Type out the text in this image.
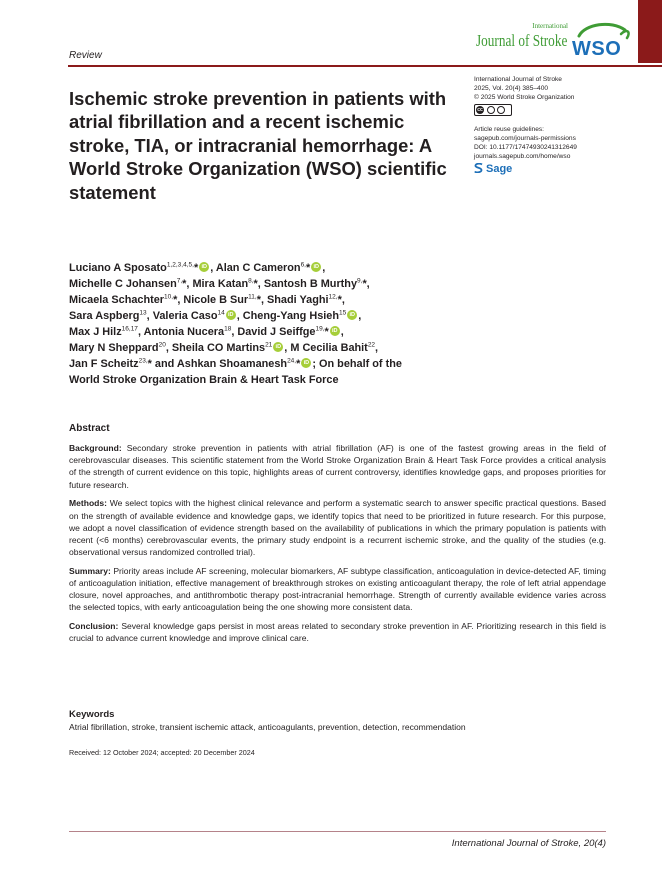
Review
International
Journal of Stroke WSO
Ischemic stroke prevention in patients with atrial fibrillation and a recent ischemic stroke, TIA, or intracranial hemorrhage: A World Stroke Organization (WSO) scientific statement
International Journal of Stroke
2025, Vol. 20(4) 385–400
© 2025 World Stroke Organization
cc
Article reuse guidelines:
sagepub.com/journals-permissions
DOI: 10.1177/17474930241312649
journals.sagepub.com/home/wso
Sage
Luciano A Sposato$^{1,2,3,4,5,}$* iD , Alan C Cameron$^{6,}$* iD ,
Michelle C Johansen$^{7,}$*, Mira Katan$^{8,}$*, Santosh B Murthy$^{9,}$*,
Micaela Schachter$^{10,}$*, Nicole B Sur$^{11,}$*, Shadi Yaghi$^{12,}$*,
Sara Aspberg$^{13}$, Valeria Caso$^{14}$ iD , Cheng-Yang Hsieh$^{15}$ iD ,
Max J Hilz$^{16,17}$, Antonia Nucera$^{18}$, David J Seiffge$^{19,}$* iD ,
Mary N Sheppard$^{20}$, Sheila CO Martins$^{21}$ iD , M Cecilia Bahit$^{22}$,
Jan F Scheitz$^{23,}$* and Ashkan Shoamanesh$^{24,}$* iD ; On behalf of the
World Stroke Organization Brain & Heart Task Force
Abstract

Background: Secondary stroke prevention in patients with atrial fibrillation (AF) is one of the fastest growing areas in the field of cerebrovascular diseases. This scientific statement from the World Stroke Organization Brain & Heart Task Force provides a critical analysis of the strength of current evidence on this topic, highlights areas of current controversy, identifies knowledge gaps, and proposes priorities for future research.

Methods: We select topics with the highest clinical relevance and perform a systematic search to answer specific practical questions. Based on the strength of available evidence and knowledge gaps, we identify topics that need to be prioritized in future research. For this purpose, we adopt a novel classification of evidence strength based on the availability of publications in which the primary population is patients with recent (<6 months) cerebrovascular events, the primary study endpoint is a recurrent ischemic stroke, and the quality of the studies (e.g. observational versus randomized controlled trial).

Summary: Priority areas include AF screening, molecular biomarkers, AF subtype classification, anticoagulation in device-detected AF, timing of anticoagulation initiation, effective management of breakthrough strokes on existing anticoagulant therapy, the role of left atrial appendage closure, novel approaches, and antithrombotic therapy post-intracranial hemorrhage. Strength of currently available evidence varies across the selected topics, with early anticoagulation being the one showing more consistent data.

Conclusion: Several knowledge gaps persist in most areas related to secondary stroke prevention in AF. Prioritizing research in this field is crucial to advance current knowledge and improve clinical care.

Keywords
Atrial fibrillation, stroke, transient ischemic attack, anticoagulants, prevention, detection, recommendation
Received: 12 October 2024; accepted: 20 December 2024
International Journal of Stroke, 20(4)
